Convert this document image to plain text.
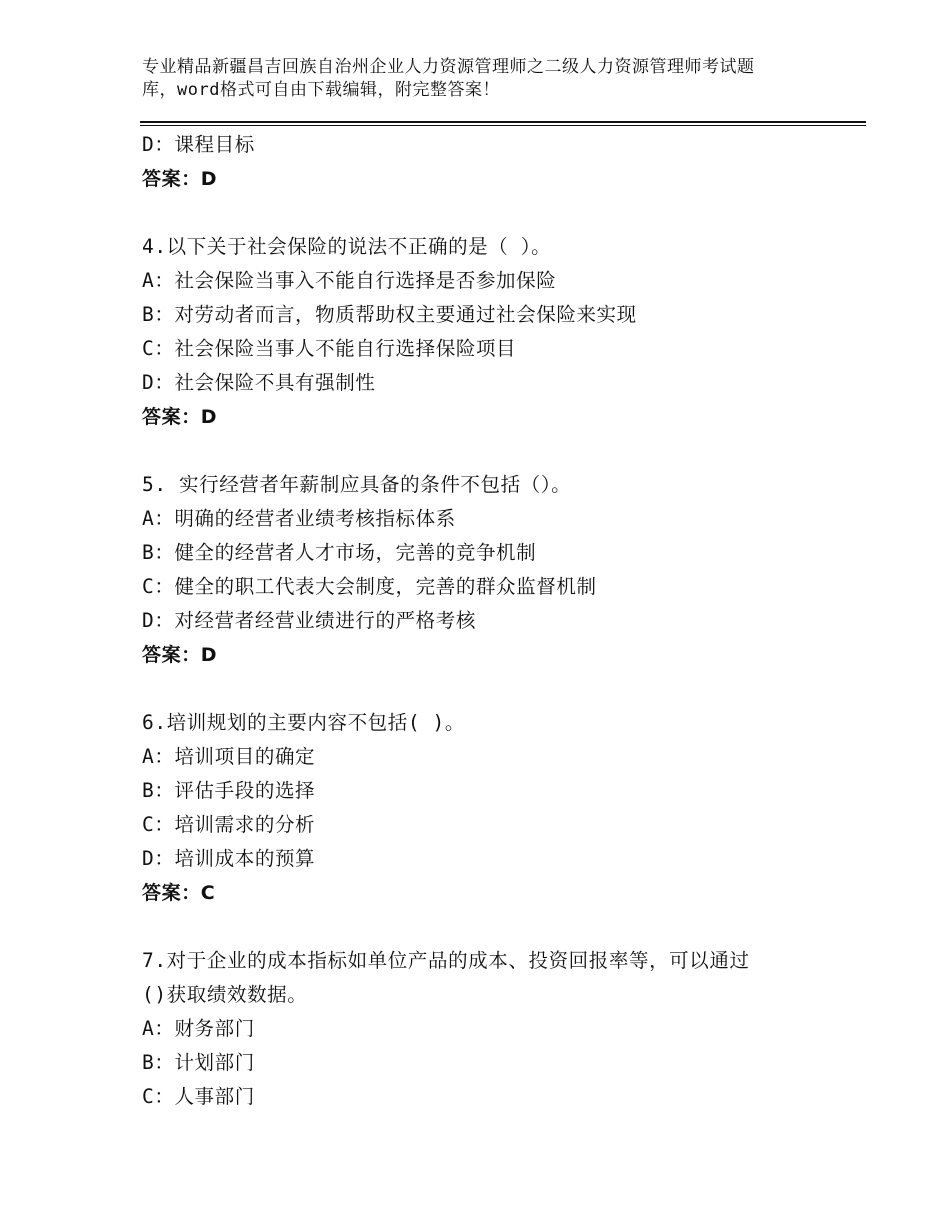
专业精品新疆昌吉回族自治州企业人力资源管理师之二级人力资源管理师考试题
库，word格式可自由下载编辑，附完整答案！
D：课程目标
答案：D
4.以下关于社会保险的说法不正确的是（ ）。
A：社会保险当事入不能自行选择是否参加保险
B：对劳动者而言，物质帮助权主要通过社会保险来实现
C：社会保险当事人不能自行选择保险项目
D：社会保险不具有强制性
答案：D
5. 实行经营者年薪制应具备的条件不包括（）。
A：明确的经营者业绩考核指标体系
B：健全的经营者人才市场，完善的竞争机制
C：健全的职工代表大会制度，完善的群众监督机制
D：对经营者经营业绩进行的严格考核
答案：D
6.培训规划的主要内容不包括( )。
A：培训项目的确定
B：评估手段的选择
C：培训需求的分析
D：培训成本的预算
答案：C
7.对于企业的成本指标如单位产品的成本、投资回报率等，可以通过
()获取绩效数据。
A：财务部门
B：计划部门
C：人事部门
